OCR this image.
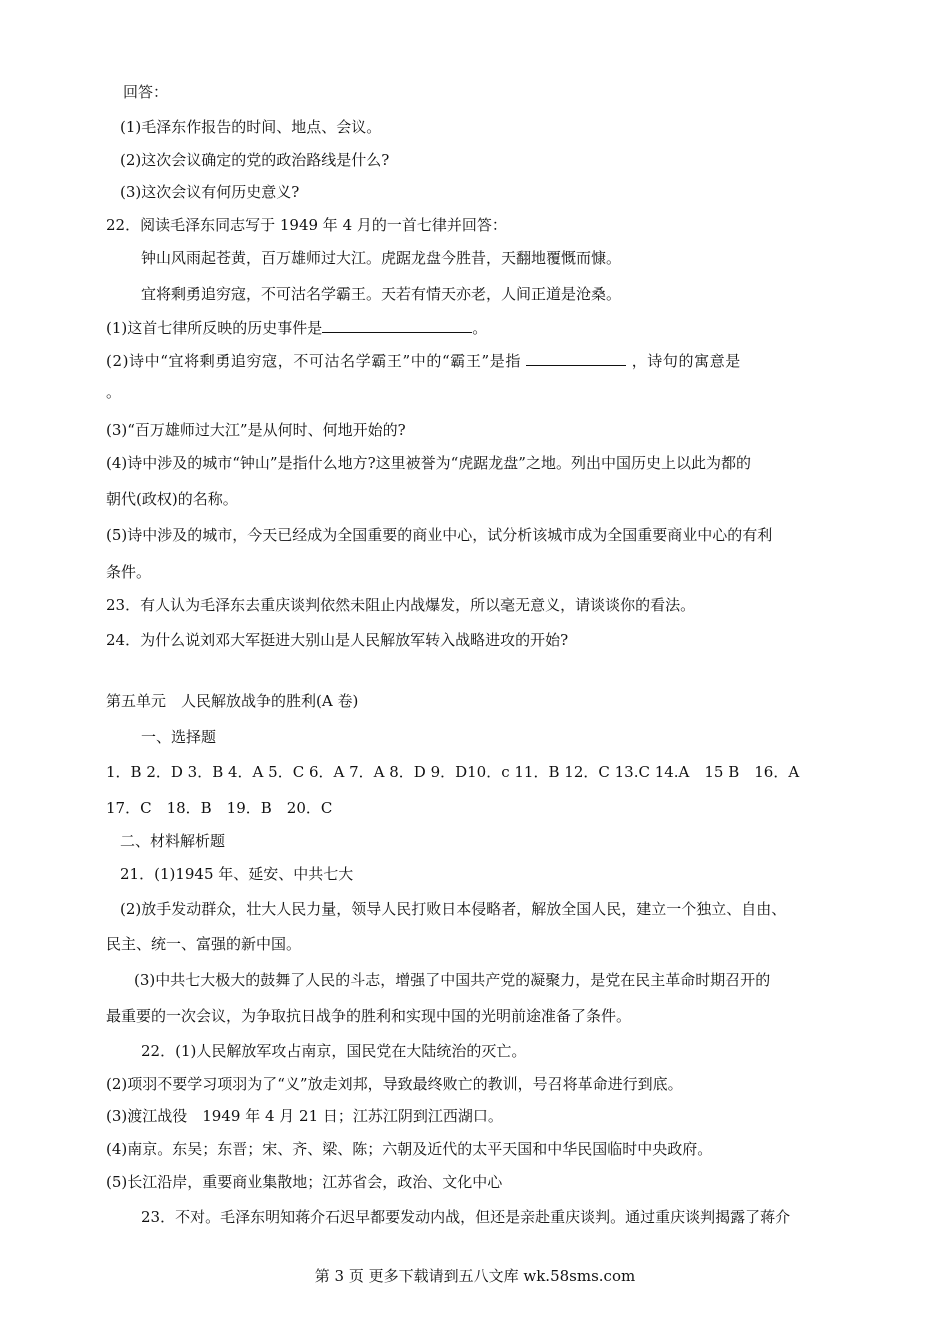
回答：
(1)毛泽东作报告的时间、地点、会议。
(2)这次会议确定的党的政治路线是什么?
(3)这次会议有何历史意义?
22．阅读毛泽东同志写于 1949 年 4 月的一首七律并回答：
钟山风雨起苍黄，百万雄师过大江。虎踞龙盘今胜昔，天翻地覆慨而慷。
宜将剩勇追穷寇，不可沽名学霸王。天若有情天亦老，人间正道是沧桑。
(1)这首七律所反映的历史事件是	。
(2)诗中“宜将剩勇追穷寇，不可沽名学霸王”中的“霸王”是指	，诗句的寓意是
。
(3)“百万雄师过大江”是从何时、何地开始的?
(4)诗中涉及的城市“钟山”是指什么地方?这里被誉为“虎踞龙盘”之地。列出中国历史上以此为都的
朝代(政权)的名称。
(5)诗中涉及的城市，今天已经成为全国重要的商业中心，试分析该城市成为全国重要商业中心的有利
条件。
23．有人认为毛泽东去重庆谈判依然未阻止内战爆发，所以毫无意义，请谈谈你的看法。
24．为什么说刘邓大军挺进大别山是人民解放军转入战略进攻的开始?
第五单元　人民解放战争的胜利(A 卷)
一、选择题
1．B 2．D 3．B 4．A 5．C 6．A 7．A 8．D 9．D10．c 11．B 12．C 13.C 14.A　15 B　16．A
17．C　18．B　19．B　20．C
二、材料解析题
21．(1)1945 年、延安、中共七大
(2)放手发动群众，壮大人民力量，领导人民打败日本侵略者，解放全国人民，建立一个独立、自由、
民主、统一、富强的新中国。
(3)中共七大极大的鼓舞了人民的斗志，增强了中国共产党的凝聚力，是党在民主革命时期召开的
最重要的一次会议，为争取抗日战争的胜利和实现中国的光明前途准备了条件。
22．(1)人民解放军攻占南京，国民党在大陆统治的灭亡。
(2)项羽不要学习项羽为了“义”放走刘邦，导致最终败亡的教训，号召将革命进行到底。
(3)渡江战役　1949 年 4 月 21 日；江苏江阴到江西湖口。
(4)南京。东吴；东晋；宋、齐、梁、陈；六朝及近代的太平天国和中华民国临时中央政府。
(5)长江沿岸，重要商业集散地；江苏省会，政治、文化中心
23．不对。毛泽东明知蒋介石迟早都要发动内战，但还是亲赴重庆谈判。通过重庆谈判揭露了蒋介
第 3 页 更多下载请到五八文库 wk.58sms.com
